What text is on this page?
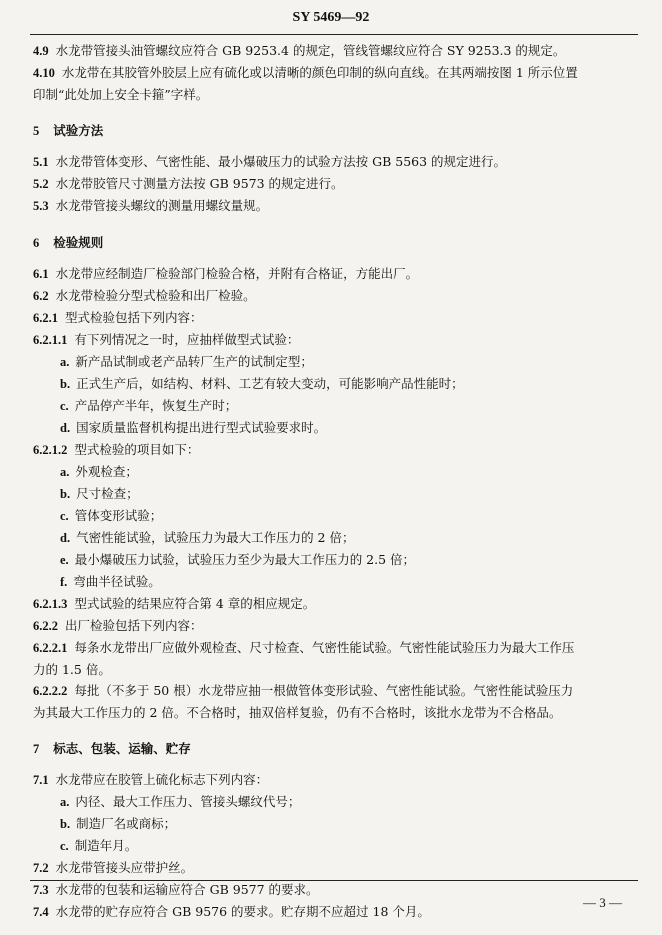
SY 5469—92
4.9 水龙带管接头油管螺纹应符合 GB 9253.4 的规定，管线管螺纹应符合 SY 9253.3 的规定。
4.10 水龙带在其胶管外胶层上应有硫化或以清晰的颜色印制的纵向直线。在其两端按图 1 所示位置
印制“此处加上安全卡箍”字样。
5 试验方法
5.1 水龙带管体变形、气密性能、最小爆破压力的试验方法按 GB 5563 的规定进行。
5.2 水龙带胶管尺寸测量方法按 GB 9573 的规定进行。
5.3 水龙带管接头螺纹的测量用螺纹量规。
6 检验规则
6.1 水龙带应经制造厂检验部门检验合格，并附有合格证，方能出厂。
6.2 水龙带检验分型式检验和出厂检验。
6.2.1 型式检验包括下列内容：
6.2.1.1 有下列情况之一时，应抽样做型式试验：
a. 新产品试制或老产品转厂生产的试制定型；
b. 正式生产后，如结构、材料、工艺有较大变动，可能影响产品性能时；
c. 产品停产半年，恢复生产时；
d. 国家质量监督机构提出进行型式试验要求时。
6.2.1.2 型式检验的项目如下：
a. 外观检查；
b. 尺寸检查；
c. 管体变形试验；
d. 气密性能试验，试验压力为最大工作压力的 2 倍；
e. 最小爆破压力试验，试验压力至少为最大工作压力的 2.5 倍；
f. 弯曲半径试验。
6.2.1.3 型式试验的结果应符合第 4 章的相应规定。
6.2.2 出厂检验包括下列内容：
6.2.2.1 每条水龙带出厂应做外观检查、尺寸检查、气密性能试验。气密性能试验压力为最大工作压
力的 1.5 倍。
6.2.2.2 每批（不多于 50 根）水龙带应抽一根做管体变形试验、气密性能试验。气密性能试验压力
为其最大工作压力的 2 倍。不合格时，抽双倍样复验，仍有不合格时，该批水龙带为不合格品。
7 标志、包装、运输、贮存
7.1 水龙带应在胶管上硫化标志下列内容：
a. 内径、最大工作压力、管接头螺纹代号；
b. 制造厂名或商标；
c. 制造年月。
7.2 水龙带管接头应带护丝。
7.3 水龙带的包装和运输应符合 GB 9577 的要求。
7.4 水龙带的贮存应符合 GB 9576 的要求。贮存期不应超过 18 个月。
— 3 —
